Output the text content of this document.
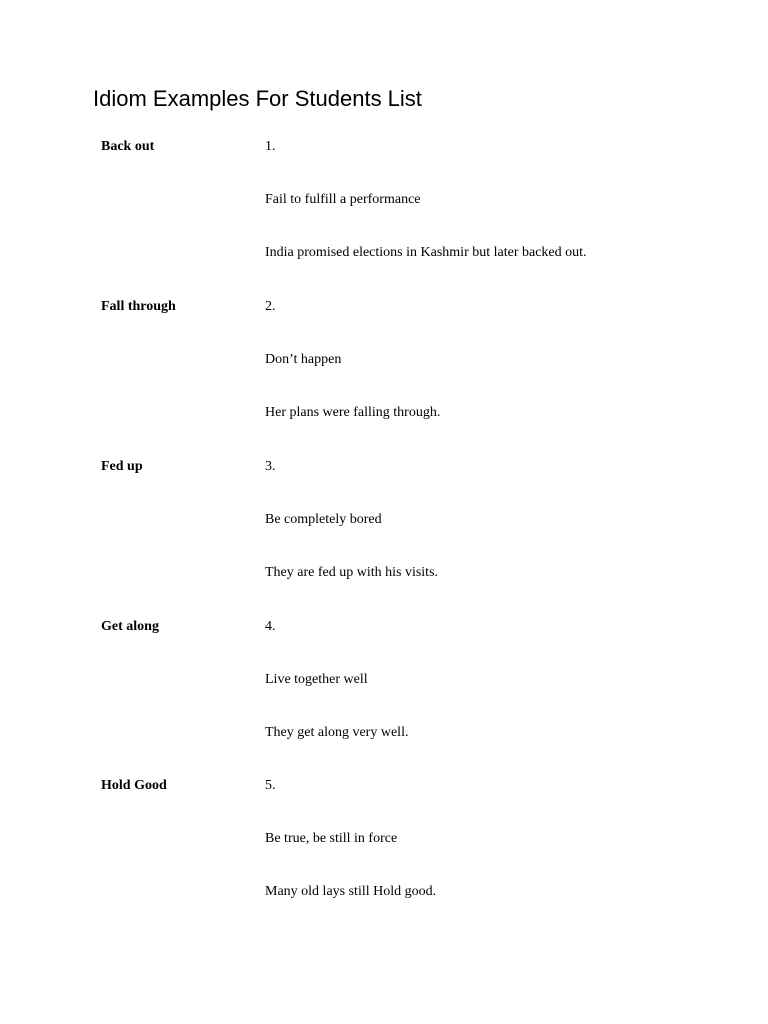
Idiom Examples For Students List
Back out	1.
Fail to fulfill a performance
India promised elections in Kashmir but later backed out.
Fall through	2.
Don’t happen
Her plans were falling through.
Fed up	3.
Be completely bored
They are fed up with his visits.
Get along	4.
Live together well
They get along very well.
Hold Good	5.
Be true, be still in force
Many old lays still Hold good.
